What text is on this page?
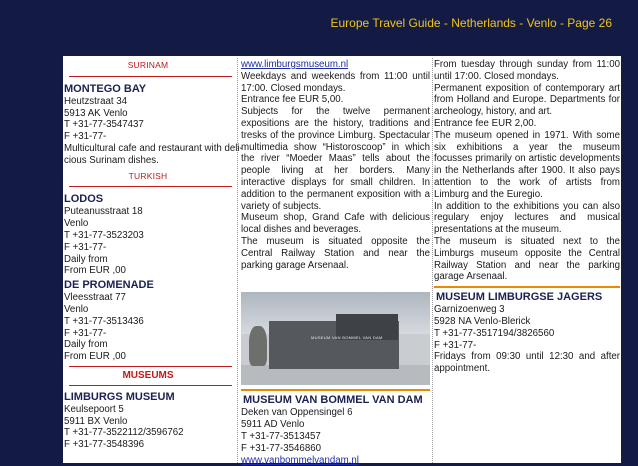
Europe Travel Guide - Netherlands - Venlo - Page 26
SURINAM
MONTEGO BAY
Heutzstraat 34
5913 AK Venlo
T +31-77-3547437
F +31-77-
Multicultural cafe and restaurant with deli-
cious Surinam dishes.
TURKISH
LODOS
Puteanusstraat 18
Venlo
T +31-77-3523203
F +31-77-
Daily from
From EUR ,00
DE PROMENADE
Vleesstraat 77
Venlo
T +31-77-3513436
F +31-77-
Daily from
From EUR ,00
MUSEUMS
LIMBURGS MUSEUM
Keulsepoort 5
5911 BX Venlo
T +31-77-3522112/3596762
F +31-77-3548396
www.limburgsmuseum.nl
Weekdays and weekends from 11:00 until 17:00. Closed mondays.
Entrance fee EUR 5,00.
Subjects for the twelve permanent expositions are the history, traditions and tresks of the province Limburg. Spectacular multimedia show “Historoscoop” in which the river “Moeder Maas” tells about the people living at her borders. Many interactive displays for small children. In addition to the permanent exposition with a variety of subjects.
Museum shop, Grand Cafe with delicious local dishes and beverages.
The museum is situated opposite the Central Railway Station and near the parking garage Arsenaal.
MUSEUM VAN BOMMEL VAN DAM
MUSEUM VAN BOMMEL VAN DAM
Deken van Oppensingel 6
5911 AD Venlo
T +31-77-3513457
F +31-77-3546860
www.vanbommelvandam.nl
From tuesday through sunday from 11:00 until 17:00. Closed mondays.
Permanent exposition of contemporary art from Holland and Europe. Departments for archeology, history, and art.
Entrance fee EUR 2,00.
The museum opened in 1971. With some six exhibitions a year the museum focusses primarily on artistic developments in the Netherlands after 1900. It also pays attention to the work of artists from Limburg and the Euregio.
In addition to the exhibitions you can also regulary enjoy lectures and musical presentations at the museum.
The museum is situated next to the Limburgs museum opposite the Central Railway Station and near the parking garage Arsenaal.
MUSEUM LIMBURGSE JAGERS
Garnizoenweg 3
5928 NA Venlo-Blerick
T +31-77-3517194/3826560
F +31-77-
Fridays from 09:30 until 12:30 and after appointment.
